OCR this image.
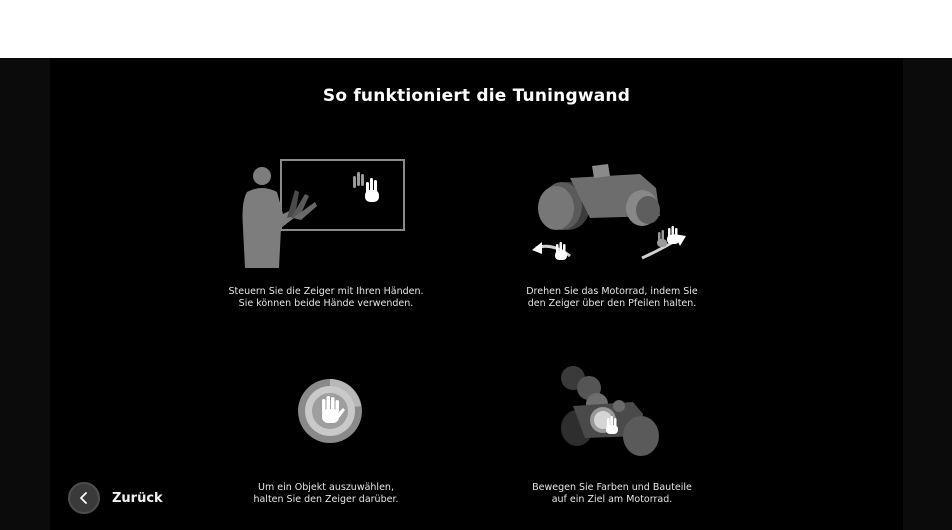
So funktioniert die Tuningwand
Steuern Sie die Zeiger mit Ihren Händen.
Sie können beide Hände verwenden.
Drehen Sie das Motorrad, indem Sie
den Zeiger über den Pfeilen halten.
Um ein Objekt auszuwählen,
halten Sie den Zeiger darüber.
Bewegen Sie Farben und Bauteile
auf ein Ziel am Motorrad.
Zurück
